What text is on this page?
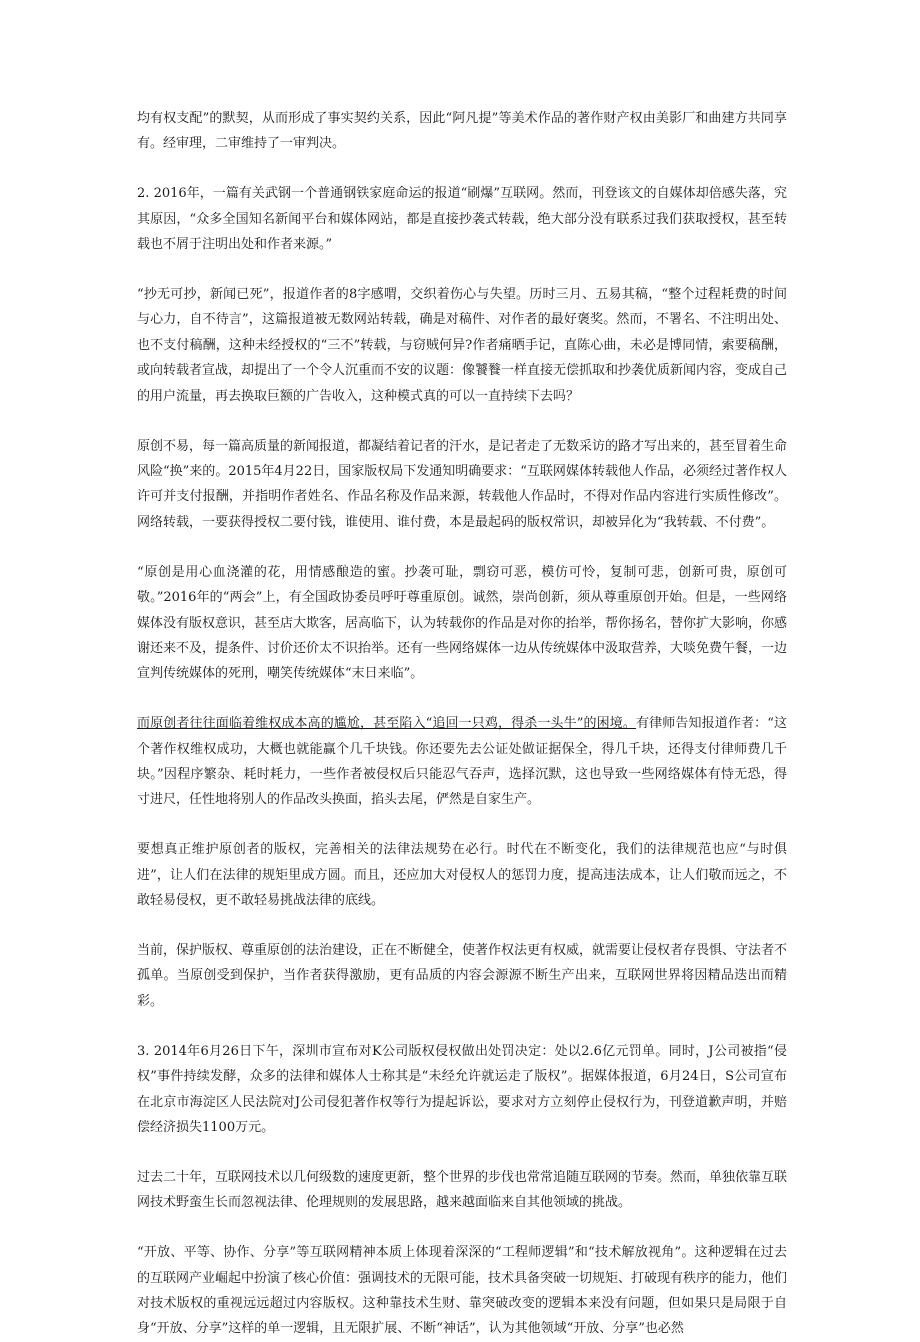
均有权支配”的默契，从而形成了事实契约关系，因此“阿凡提”等美术作品的著作财产权由美影厂和曲建方共同享有。经审理，二审维持了一审判决。

2. 2016年，一篇有关武钢一个普通钢铁家庭命运的报道“刷爆”互联网。然而，刊登该文的自媒体却倍感失落，究其原因，“众多全国知名新闻平台和媒体网站，都是直接抄袭式转载，绝大部分没有联系过我们获取授权，甚至转载也不屑于注明出处和作者来源。”

“抄无可抄，新闻已死”，报道作者的8字感喟，交织着伤心与失望。历时三月、五易其稿，“整个过程耗费的时间与心力，自不待言”，这篇报道被无数网站转载，确是对稿件、对作者的最好褒奖。然而，不署名、不注明出处、也不支付稿酬，这种未经授权的“三不”转载，与窃贼何异?作者痛晒手记，直陈心曲，未必是博同情，索要稿酬，或向转载者宣战，却提出了一个令人沉重而不安的议题：像饕餮一样直接无偿抓取和抄袭优质新闻内容，变成自己的用户流量，再去换取巨额的广告收入，这种模式真的可以一直持续下去吗？

原创不易，每一篇高质量的新闻报道，都凝结着记者的汗水，是记者走了无数采访的路才写出来的，甚至冒着生命风险“换”来的。2015年4月22日，国家版权局下发通知明确要求：“互联网媒体转载他人作品，必须经过著作权人许可并支付报酬，并指明作者姓名、作品名称及作品来源，转载他人作品时，不得对作品内容进行实质性修改”。网络转载，一要获得授权二要付钱，谁使用、谁付费，本是最起码的版权常识，却被异化为“我转载、不付费”。

“原创是用心血浇灌的花，用情感酿造的蜜。抄袭可耻，剽窃可恶，模仿可怜，复制可悲，创新可贵，原创可敬。”2016年的“两会”上，有全国政协委员呼吁尊重原创。诚然，崇尚创新，须从尊重原创开始。但是，一些网络媒体没有版权意识，甚至店大欺客，居高临下，认为转载你的作品是对你的抬举，帮你扬名，替你扩大影响，你感谢还来不及，提条件、讨价还价太不识抬举。还有一些网络媒体一边从传统媒体中汲取营养，大啖免费午餐，一边宣判传统媒体的死刑，嘲笑传统媒体“末日来临”。

而原创者往往面临着维权成本高的尴尬，甚至陷入“追回一只鸡，得杀一头牛”的困境。有律师告知报道作者：“这个著作权维权成功，大概也就能赢个几千块钱。你还要先去公证处做证据保全，得几千块，还得支付律师费几千块。”因程序繁杂、耗时耗力，一些作者被侵权后只能忍气吞声，选择沉默，这也导致一些网络媒体有恃无恐，得寸进尺，任性地将别人的作品改头换面，掐头去尾，俨然是自家生产。

要想真正维护原创者的版权，完善相关的法律法规势在必行。时代在不断变化，我们的法律规范也应“与时俱进”，让人们在法律的规矩里成方圆。而且，还应加大对侵权人的惩罚力度，提高违法成本，让人们敬而远之，不敢轻易侵权，更不敢轻易挑战法律的底线。

当前，保护版权、尊重原创的法治建设，正在不断健全，使著作权法更有权威，就需要让侵权者存畏惧、守法者不孤单。当原创受到保护，当作者获得激励，更有品质的内容会源源不断生产出来，互联网世界将因精品迭出而精彩。

3. 2014年6月26日下午，深圳市宣布对K公司版权侵权做出处罚决定：处以2.6亿元罚单。同时，J公司被指“侵权”事件持续发酵，众多的法律和媒体人士称其是“未经允许就运走了版权”。据媒体报道，6月24日，S公司宣布在北京市海淀区人民法院对J公司侵犯著作权等行为提起诉讼，要求对方立刻停止侵权行为，刊登道歉声明，并赔偿经济损失1100万元。

过去二十年，互联网技术以几何级数的速度更新，整个世界的步伐也常常追随互联网的节奏。然而，单独依靠互联网技术野蛮生长而忽视法律、伦理规则的发展思路，越来越面临来自其他领域的挑战。

“开放、平等、协作、分享”等互联网精神本质上体现着深深的“工程师逻辑”和“技术解放视角”。这种逻辑在过去的互联网产业崛起中扮演了核心价值：强调技术的无限可能，技术具备突破一切规矩、打破现有秩序的能力，他们对技术版权的重视远远超过内容版权。这种靠技术生财、靠突破改变的逻辑本来没有问题，但如果只是局限于自身“开放、分享”这样的单一逻辑，且无限扩展、不断“神话”，认为其他领域“开放、分享”也必然
